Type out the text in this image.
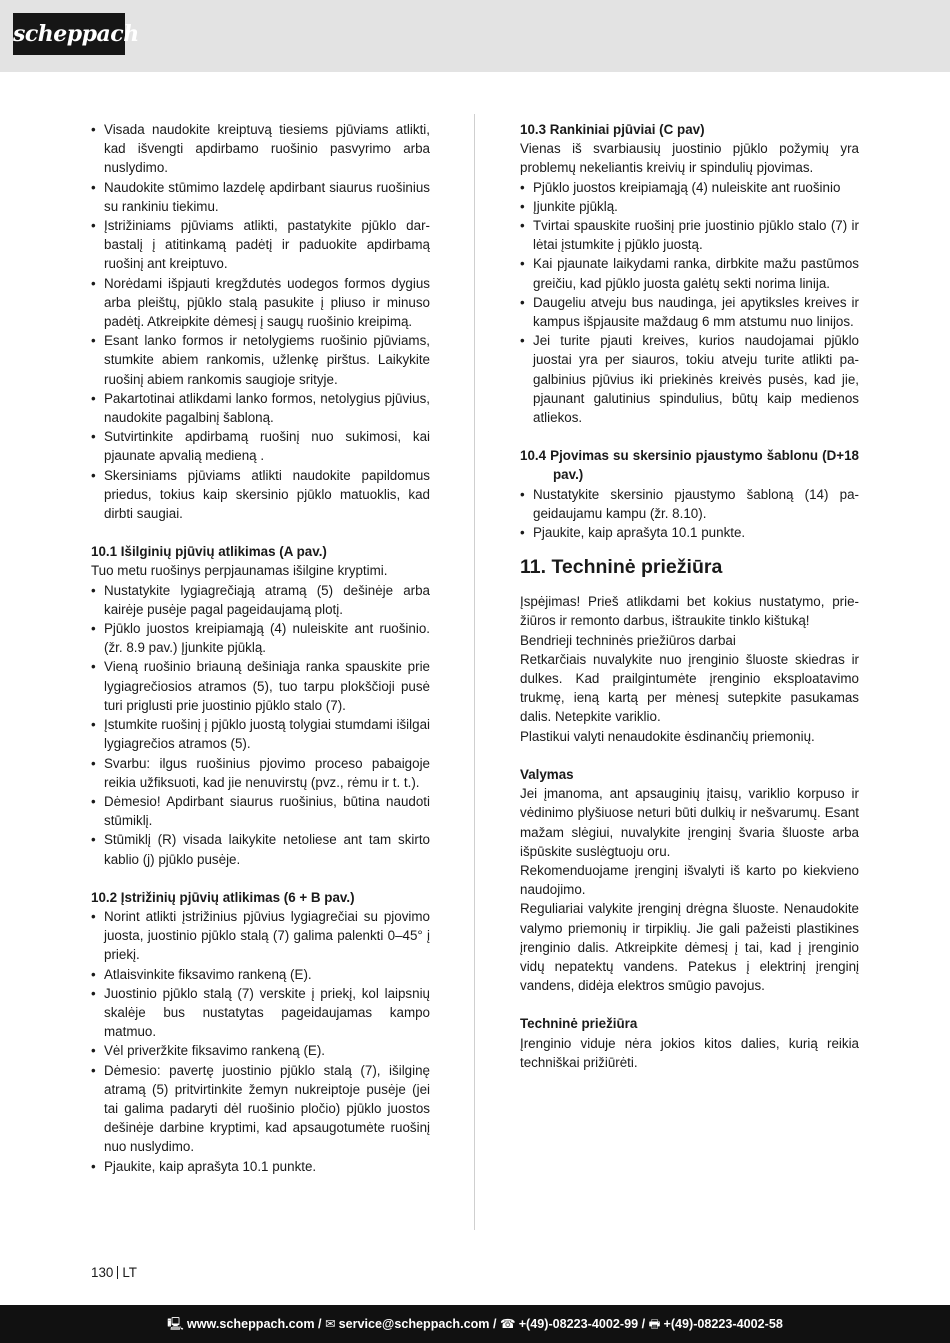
scheppach
• Visada naudokite kreiptuvą tiesiems pjūviams atlikti, kad išvengti apdirbamo ruošinio pasvyrimo arba nuslydimo.
• Naudokite stūmimo lazdelę apdirbant siaurus ruošinius su rankiniu tiekimu.
• Įstrižiniams pjūviams atlikti, pastatykite pjūklo darbastalį į atitinkamą padėtį ir paduokite apdirbamą ruošinį ant kreiptuvo.
• Norėdami išpjauti kregždutės uodegos formos dygius arba pleištų, pjūklo stalą pasukite į pliuso ir minuso padėtį. Atkreipkite dėmesį į saugų ruošinio kreipimą.
• Esant lanko formos ir netolygiems ruošinio pjūviams, stumkite abiem rankomis, užlenkę pirštus. Laikykite ruošinį abiem rankomis saugioje srityje.
• Pakartotinai atlikdami lanko formos, netolygius pjūvius, naudokite pagalbinį šabloną.
• Sutvirtinkite apdirbamą ruošinį nuo sukimosi, kai pjaunate apvalią medieną .
• Skersiniams pjūviams atlikti naudokite papildomus priedus, tokius kaip skersinio pjūklo matuoklis, kad dirbti saugiai.

10.1 Išilginių pjūvių atlikimas (A pav.)

Tuo metu ruošinys perpjaunamas išilgine kryptimi.

• Nustatykite lygiagrečiąją atramą (5) dešinėje arba kairėje pusėje pagal pageidaujamą plotį.
• Pjūklo juostos kreipiamąją (4) nuleiskite ant ruošinio. (žr. 8.9 pav.) Įjunkite pjūklą.
• Vieną ruošinio briauną dešiniąja ranka spauskite prie lygiagrečiosios atramos (5), tuo tarpu plokščioji pusė turi priglusti prie juostinio pjūklo stalo (7).
• Įstumkite ruošinį į pjūklo juostą tolygiai stumdami išilgai lygiagrečios atramos (5).
• Svarbu: ilgus ruošinius pjovimo proceso pabaigoje reikia užfiksuoti, kad jie nenuvirstų (pvz., rėmu ir t. t.).
• Dėmesio! Apdirbant siaurus ruošinius, būtina naudoti stūmiklį.
• Stūmiklį (R) visada laikykite netoliese ant tam skirto kablio (j) pjūklo pusėje.

10.2 Įstrižinių pjūvių atlikimas (6 + B pav.)

• Norint atlikti įstrižinius pjūvius lygiagrečiai su pjovimo juosta, juostinio pjūklo stalą (7) galima palenkti 0–45° į priekį.
• Atlaisvinkite fiksavimo rankeną (E).
• Juostinio pjūklo stalą (7) verskite į priekį, kol laipsnių skalėje bus nustatytas pageidaujamas kampo matmuo.
• Vėl priveržkite fiksavimo rankeną (E).
• Dėmesio: pavertę juostinio pjūklo stalą (7), išilginę atramą (5) pritvirtinkite žemyn nukreiptoje pusėje (jei tai galima padaryti dėl ruošinio pločio) pjūklo juostos dešinėje darbine kryptimi, kad apsaugotumėte ruošinį nuo nuslydimo.
• Pjaukite, kaip aprašyta 10.1 punkte.

10.3 Rankiniai pjūviai (C pav)

Vienas iš svarbiausių juostinio pjūklo požymių yra problemų nekeliantis kreivių ir spindulių pjovimas.

• Pjūklo juostos kreipiamąją (4) nuleiskite ant ruošinio
• Įjunkite pjūklą.
• Tvirtai spauskite ruošinį prie juostinio pjūklo stalo (7) ir lėtai įstumkite į pjūklo juostą.
• Kai pjaunate laikydami ranka, dirbkite mažu pastūmos greičiu, kad pjūklo juosta galėtų sekti norima linija.
• Daugeliu atveju bus naudinga, jei apytiksles kreives ir kampus išpjausite maždaug 6 mm atstumu nuo linijos.
• Jei turite pjauti kreives, kurios naudojamai pjūklo juostai yra per siauros, tokiu atveju turite atlikti pagalbinius pjūvius iki priekinės kreivės pusės, kad jie, pjaunant galutinius spindulius, būtų kaip medienos atliekos.

10.4 Pjovimas su skersinio pjaustymo šablonu (D+18 pav.)

• Nustatykite skersinio pjaustymo šabloną (14) pageidaujamu kampu (žr. 8.10).
• Pjaukite, kaip aprašyta 10.1 punkte.
11. Techninė priežiūra

Įspėjimas! Prieš atlikdami bet kokius nustatymo, priežiūros ir remonto darbus, ištraukite tinklo kištuką!

Bendrieji techninės priežiūros darbai

Retkarčiais nuvalykite nuo įrenginio šluoste skiedras ir dulkes. Kad prailgintumėte įrenginio eksploatavimo trukmę, ieną kartą per mėnesį sutepkite pasukamas dalis. Netepkite variklio.

Plastikui valyti nenaudokite ėsdinančių priemonių.

Valymas

Jei įmanoma, ant apsauginių įtaisų, variklio korpuso ir vėdinimo plyšiuose neturi būti dulkių ir nešvarumų. Esant mažam slėgiui, nuvalykite įrenginį švaria šluoste arba išpūskite suslėgtuoju oru.

Rekomenduojame įrenginį išvalyti iš karto po kiekvieno naudojimo.

Reguliariai valykite įrenginį drėgna šluoste. Nenaudokite valymo priemonių ir tirpiklių. Jie gali pažeisti plastikines įrenginio dalis. Atkreipkite dėmesį į tai, kad į įrenginio vidų nepatektų vandens. Patekus į elektrinį įrenginį vandens, didėja elektros smūgio pavojus.

Techninė priežiūra

Įrenginio viduje nėra jokios kitos dalies, kurią reikia techniškai prižiūrėti.

130 LT
🖳 www.scheppach.com / ✉ service@scheppach.com / ☎ +(49)-08223-4002-99 / 🖶 +(49)-08223-4002-58
